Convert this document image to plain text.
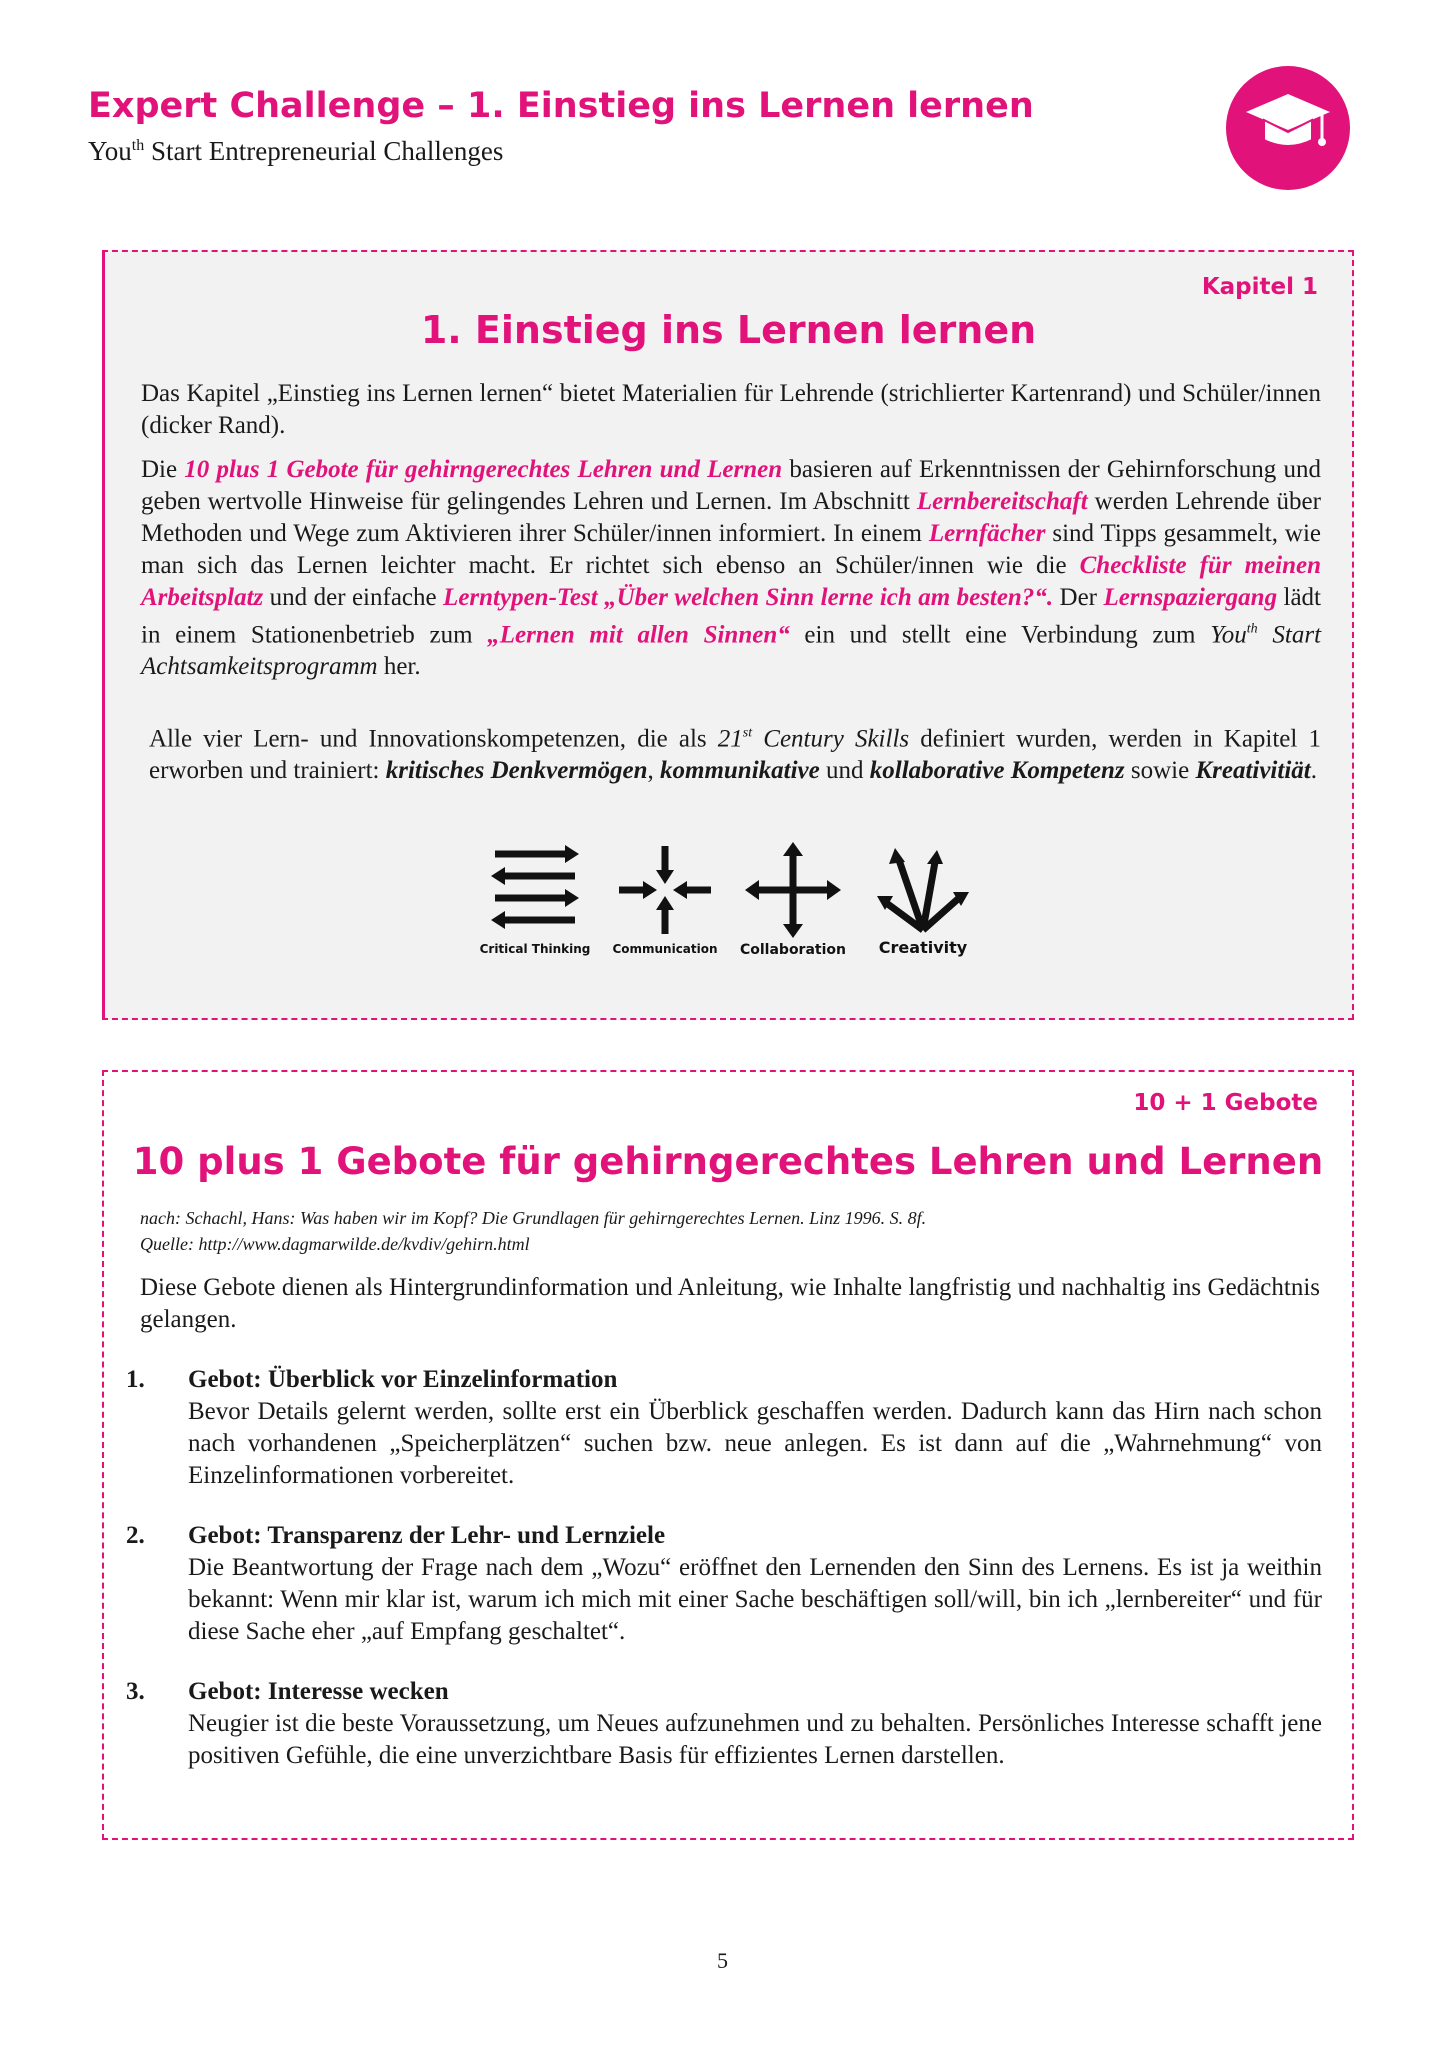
Expert Challenge – 1. Einstieg ins Lernen lernen
You$^{th}$ Start Entrepreneurial Challenges
Kapitel 1
1. Einstieg ins Lernen lernen
Das Kapitel „Einstieg ins Lernen lernen“ bietet Materialien für Lehrende (strichlierter Kartenrand) und Schüler/innen (dicker Rand).
Die 10 plus 1 Gebote für gehirngerechtes Lehren und Lernen basieren auf Erkenntnissen der Gehirnforschung und geben wertvolle Hinweise für gelingendes Lehren und Lernen. Im Abschnitt Lernbereitschaft werden Lehrende über Methoden und Wege zum Aktivieren ihrer Schüler/innen informiert. In einem Lernfächer sind Tipps gesammelt, wie man sich das Lernen leichter macht. Er richtet sich ebenso an Schüler/innen wie die Checkliste für meinen Arbeitsplatz und der einfache Lerntypen-Test „Über welchen Sinn lerne ich am besten?“. Der Lernspaziergang lädt in einem Stationenbetrieb zum „Lernen mit allen Sinnen“ ein und stellt eine Verbindung zum You$^{th}$ Start Achtsamkeitsprogramm her.
Alle vier Lern- und Innovationskompetenzen, die als 21st Century Skills definiert wurden, werden in Kapitel 1 erworben und trainiert: kritisches Denkvermögen, kommunikative und kollaborative Kompetenz sowie Kreativitiät.
Critical Thinking	Communication	Collaboration	Creativity
10 + 1 Gebote
10 plus 1 Gebote für gehirngerechtes Lehren und Lernen
nach: Schachl, Hans: Was haben wir im Kopf? Die Grundlagen für gehirngerechtes Lernen. Linz 1996. S. 8f.
Quelle: http://www.dagmarwilde.de/kvdiv/gehirn.html
Diese Gebote dienen als Hintergrundinformation und Anleitung, wie Inhalte langfristig und nachhaltig ins Gedächtnis gelangen.
1. Gebot: Überblick vor Einzelinformation
Bevor Details gelernt werden, sollte erst ein Überblick geschaffen werden. Dadurch kann das Hirn nach schon nach vorhandenen „Speicherplätzen“ suchen bzw. neue anlegen. Es ist dann auf die „Wahrnehmung“ von Einzelinformationen vorbereitet.
2. Gebot: Transparenz der Lehr- und Lernziele
Die Beantwortung der Frage nach dem „Wozu“ eröffnet den Lernenden den Sinn des Lernens. Es ist ja weithin bekannt: Wenn mir klar ist, warum ich mich mit einer Sache beschäftigen soll/will, bin ich „lernbereiter“ und für diese Sache eher „auf Empfang geschaltet“.
3. Gebot: Interesse wecken
Neugier ist die beste Voraussetzung, um Neues aufzunehmen und zu behalten. Persönliches Interesse schafft jene positiven Gefühle, die eine unverzichtbare Basis für effizientes Lernen darstellen.
5
